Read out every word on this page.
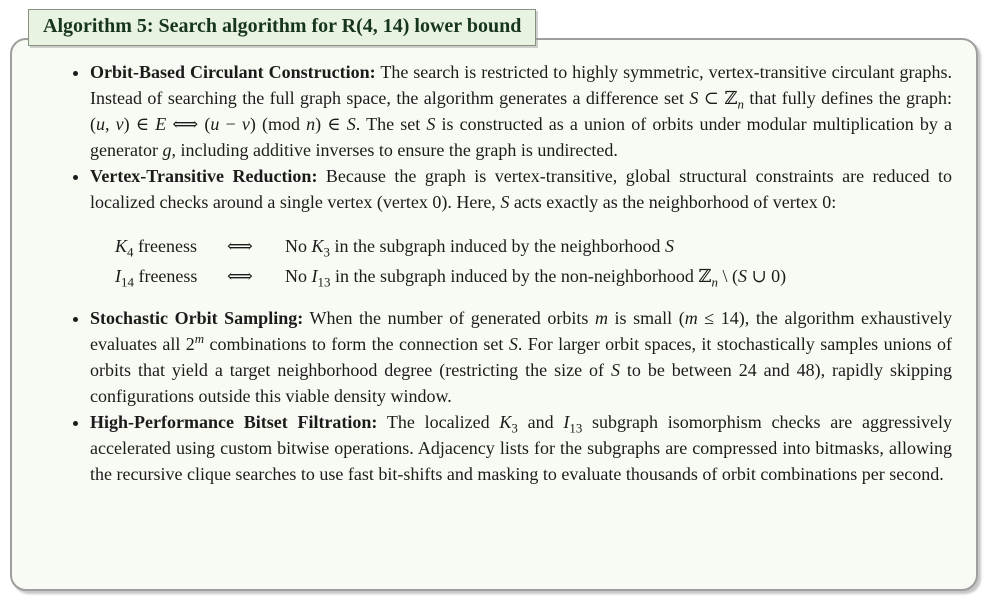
Algorithm 5: Search algorithm for R(4, 14) lower bound
• Orbit-Based Circulant Construction: The search is restricted to highly symmetric, vertex-transitive circulant graphs. Instead of searching the full graph space, the algorithm generates a difference set S ⊂ ℤ$_n$ that fully defines the graph: (u, v) ∈ E ⟺ (u − v) (mod n) ∈ S. The set S is constructed as a union of orbits under modular multiplication by a generator g, including additive inverses to ensure the graph is undirected.
• Vertex-Transitive Reduction: Because the graph is vertex-transitive, global structural constraints are reduced to localized checks around a single vertex (vertex 0). Here, S acts exactly as the neighborhood of vertex 0:
$K_4$ freeness	⟺	No $K_3$ in the subgraph induced by the neighborhood S
$I_{14}$ freeness	⟺	No $I_{13}$ in the subgraph induced by the non-neighborhood ℤ$_n$ \ (S ∪ 0)
• Stochastic Orbit Sampling: When the number of generated orbits m is small (m ≤ 14), the algorithm exhaustively evaluates all 2$^m$ combinations to form the connection set S. For larger orbit spaces, it stochastically samples unions of orbits that yield a target neighborhood degree (restricting the size of S to be between 24 and 48), rapidly skipping configurations outside this viable density window.
• High-Performance Bitset Filtration: The localized $K_3$ and $I_{13}$ subgraph isomorphism checks are aggressively accelerated using custom bitwise operations. Adjacency lists for the subgraphs are compressed into bitmasks, allowing the recursive clique searches to use fast bit-shifts and masking to evaluate thousands of orbit combinations per second.
